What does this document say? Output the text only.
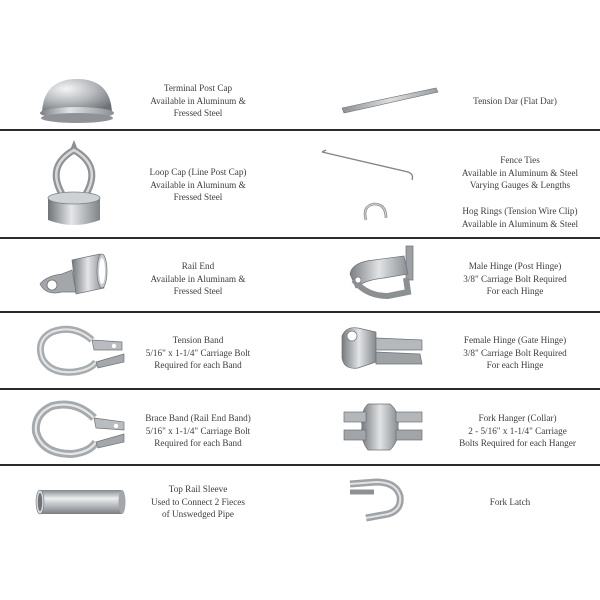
Terminal Post Cap
Available in Aluminum &
Fressed Steel
Tension Dar (Flat Dar)
Loop Cap (Line Post Cap)
Available in Aluminum &
Fressed Steel
Fence Ties
Available in Aluminum & Steel
Varying Gauges & Lengths
Hog Rings (Tension Wire Clip)
Available in Aluminum & Steel
Rail End
Available in Aluminam &
Fressed Steel
Male Hinge (Post Hinge)
3/8" Carriage Bolt Required
For each Hinge
Tension Band
5/16" x 1-1/4" Carriage Bolt
Required for each Band
Female Hinge (Gate Hinge)
3/8" Carriage Bolt Required
For each Hinge
Brace Band (Rail End Band)
5/16" x 1-1/4" Carriage Bolt
Required for each Band
Fork Hanger (Collar)
2 - 5/16" x 1-1/4" Carriage
Bolts Required for each Hanger
Top Rail Sleeve
Used to Connect 2 Fieces
of Unswedged Pipe
Fork Latch
